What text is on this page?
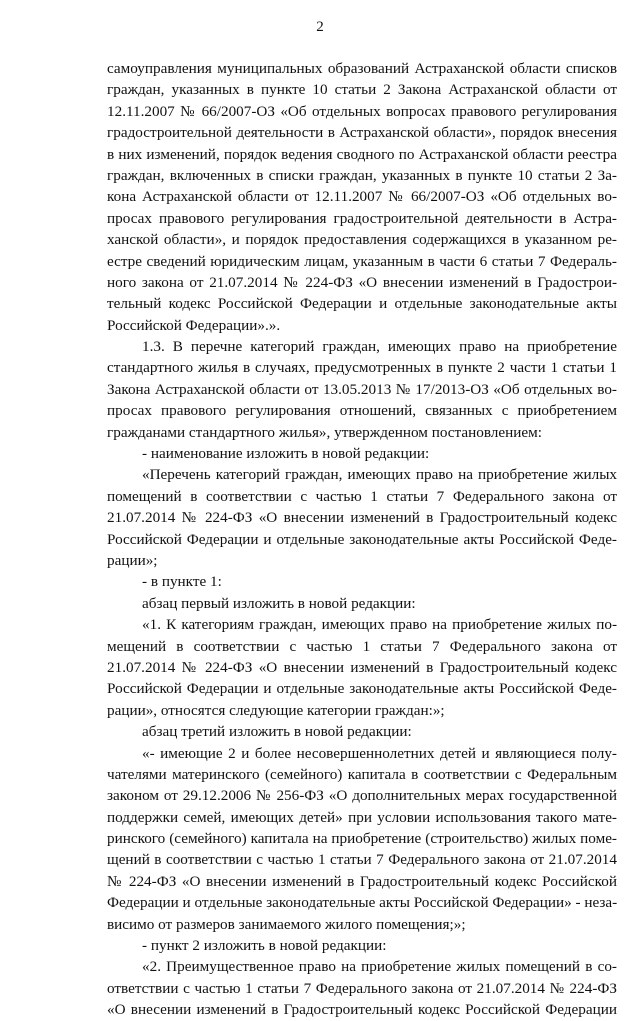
2
самоуправления муниципальных образований Астраханской области списков
граждан, указанных в пункте 10 статьи 2 Закона Астраханской области от
12.11.2007 № 66/2007-ОЗ «Об отдельных вопросах правового регулирования
градостроительной деятельности в Астраханской области», порядок внесения
в них изменений, порядок ведения сводного по Астраханской области реестра
граждан, включенных в списки граждан, указанных в пункте 10 статьи 2 За-
кона Астраханской области от 12.11.2007 № 66/2007-ОЗ «Об отдельных во-
просах правового регулирования градостроительной деятельности в Астра-
ханской области», и порядок предоставления содержащихся в указанном ре-
естре сведений юридическим лицам, указанным в части 6 статьи 7 Федераль-
ного закона от 21.07.2014 № 224-ФЗ «О внесении изменений в Градострои-
тельный кодекс Российской Федерации и отдельные законодательные акты
Российской Федерации».».
1.3. В перечне категорий граждан, имеющих право на приобретение
стандартного жилья в случаях, предусмотренных в пункте 2 части 1 статьи 1
Закона Астраханской области от 13.05.2013 № 17/2013-ОЗ «Об отдельных во-
просах правового регулирования отношений, связанных с приобретением
гражданами стандартного жилья», утвержденном постановлением:
- наименование изложить в новой редакции:
«Перечень категорий граждан, имеющих право на приобретение жилых
помещений в соответствии с частью 1 статьи 7 Федерального закона от
21.07.2014 № 224-ФЗ «О внесении изменений в Градостроительный кодекс
Российской Федерации и отдельные законодательные акты Российской Феде-
рации»;
- в пункте 1:
абзац первый изложить в новой редакции:
«1. К категориям граждан, имеющих право на приобретение жилых по-
мещений в соответствии с частью 1 статьи 7 Федерального закона от
21.07.2014 № 224-ФЗ «О внесении изменений в Градостроительный кодекс
Российской Федерации и отдельные законодательные акты Российской Феде-
рации», относятся следующие категории граждан:»;
абзац третий изложить в новой редакции:
«- имеющие 2 и более несовершеннолетних детей и являющиеся полу-
чателями материнского (семейного) капитала в соответствии с Федеральным
законом от 29.12.2006 № 256-ФЗ «О дополнительных мерах государственной
поддержки семей, имеющих детей» при условии использования такого мате-
ринского (семейного) капитала на приобретение (строительство) жилых поме-
щений в соответствии с частью 1 статьи 7 Федерального закона от 21.07.2014
№ 224-ФЗ «О внесении изменений в Градостроительный кодекс Российской
Федерации и отдельные законодательные акты Российской Федерации» - неза-
висимо от размеров занимаемого жилого помещения;»;
- пункт 2 изложить в новой редакции:
«2. Преимущественное право на приобретение жилых помещений в со-
ответствии с частью 1 статьи 7 Федерального закона от 21.07.2014 № 224-ФЗ
«О внесении изменений в Градостроительный кодекс Российской Федерации
